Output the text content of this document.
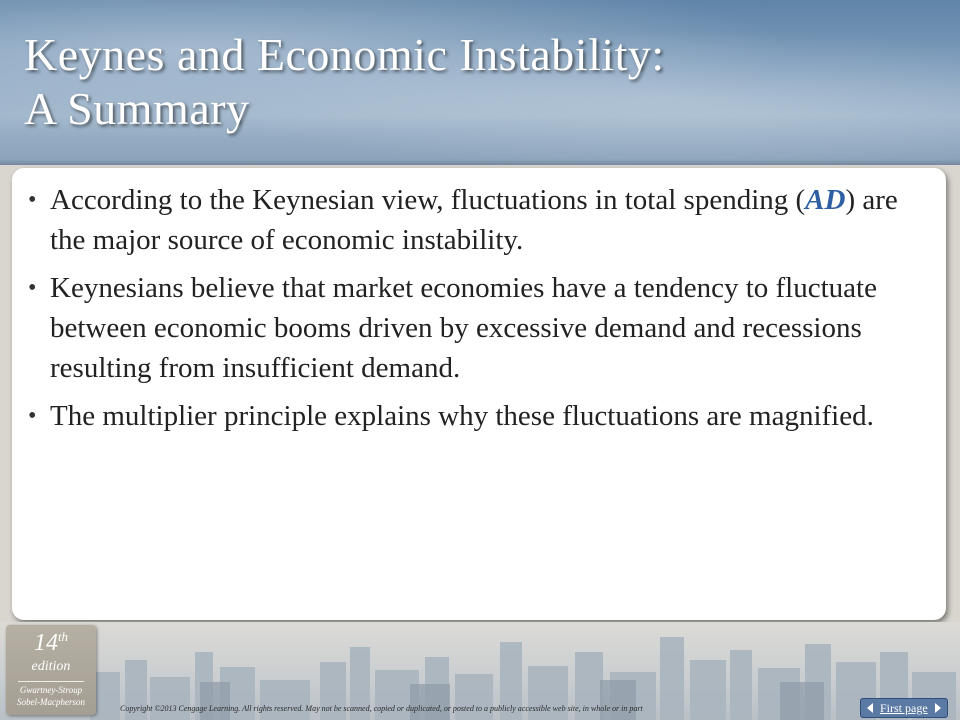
Keynes and Economic Instability:
A Summary
• According to the Keynesian view, fluctuations in total spending (AD) are the major source of economic instability.
• Keynesians believe that market economies have a tendency to fluctuate between economic booms driven by excessive demand and recessions resulting from insufficient demand.
• The multiplier principle explains why these fluctuations are magnified.
14th
edition
Gwartney-Stroup
Sobel-Macpherson
Copyright ©2013 Cengage Learning. All rights reserved. May not be scanned, copied or duplicated, or posted to a publicly accessible web site, in whole or in part	First page
